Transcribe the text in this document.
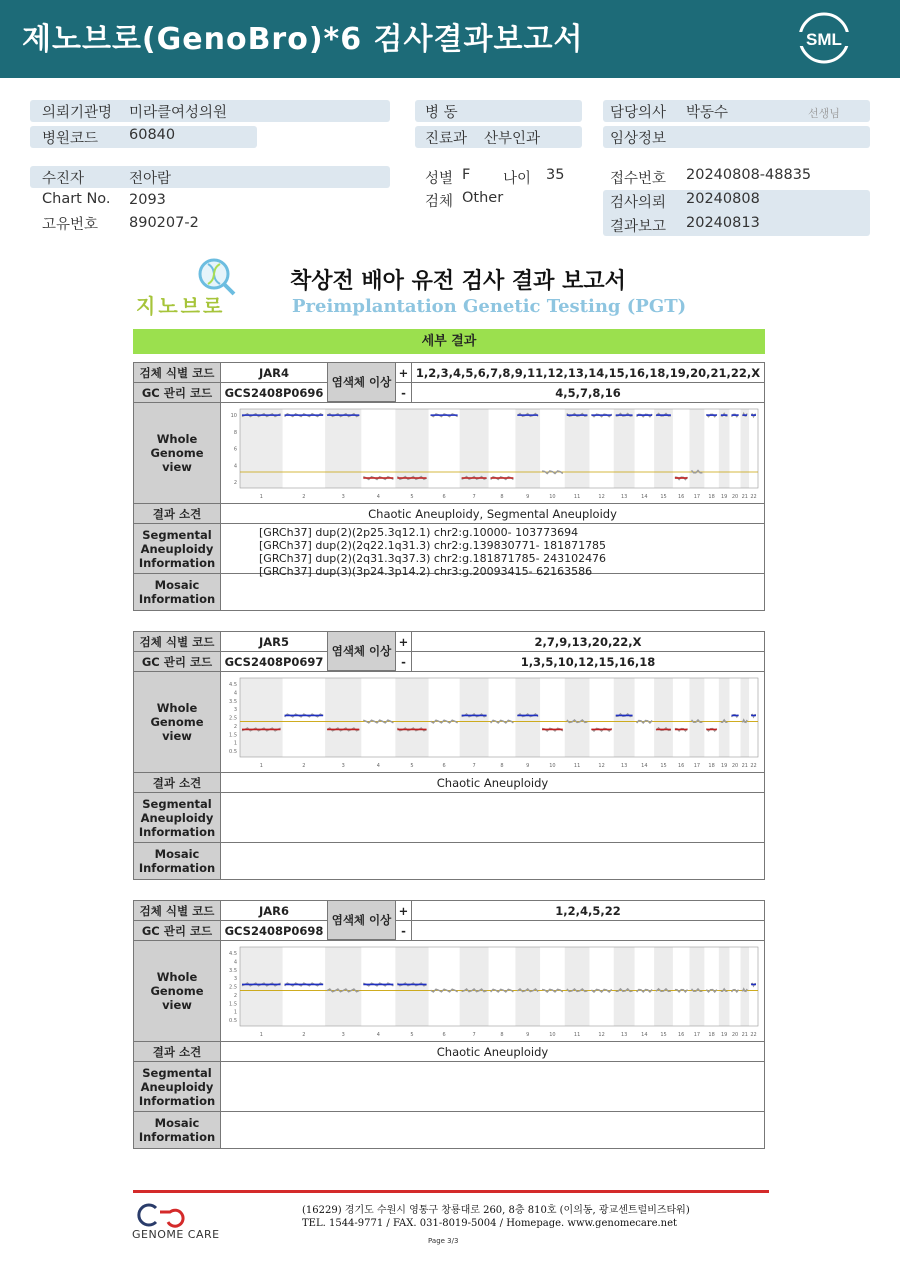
제노브로(GenoBro)*6 검사결과보고서	SML
의뢰기관명 미라클여성의원
병원코드 60840
병 동
진료과 산부인과
담당의사 박동수	선생님
임상정보
수진자	전아람
Chart No. 2093
고유번호 890207-2
성별 F 나이 35
검체 Other
접수번호 20240808-48835
검사의뢰 20240808
결과보고 20240813
지노브로
착상전 배아 유전 검사 결과 보고서
Preimplantation Genetic Testing (PGT)
세부 결과
검체 식별 코드	JAR4	+ 1,2,3,4,5,6,7,8,9,11,12,13,14,15,16,18,19,20,21,22,X
GC 관리 코드	GCS2408P0696	-	4,5,7,8,16
염색체 이상
Whole Genome view
1	2	3	4	5	6	7	8	9	10	11	12	13	14	15 16 17 18 19 20 21 22
10
8
6
4
2
결과 소견	Chaotic Aneuploidy, Segmental Aneuploidy
Segmental Aneuploidy Information
[GRCh37] dup(2)(2p25.3q12.1) chr2:g.10000- 103773694
[GRCh37] dup(2)(2q22.1q31.3) chr2:g.139830771- 181871785
[GRCh37] dup(2)(2q31.3q37.3) chr2:g.181871785- 243102476
[GRCh37] dup(3)(3p24.3p14.2) chr3:g.20093415- 62163586
Mosaic Information
검체 식별 코드	JAR5	+	2,7,9,13,20,22,X
GC 관리 코드	GCS2408P0697	-	1,3,5,10,12,15,16,18
염색체 이상
Whole Genome view
1	2	3	4	5	6	7	8	9	10	11	12	13	14	15 16 17 18 19 20 21 22
4.5
4
3.5
3
2.5
2
1.5
1
0.5
결과 소견	Chaotic Aneuploidy
Segmental Aneuploidy Information
Mosaic Information
검체 식별 코드	JAR6	+	1,2,4,5,22
GC 관리 코드	GCS2408P0698	-
염색체 이상
Whole Genome view
1	2	3	4	5	6	7	8	9	10	11	12	13	14	15 16 17 18 19 20 21 22
4.5
4
3.5
3
2.5
2
1.5
1
0.5
결과 소견	Chaotic Aneuploidy
Segmental Aneuploidy Information
Mosaic Information
GENOME CARE
(16229) 경기도 수원시 영통구 창룡대로 260, 8층 810호 (이의동, 광교센트럴비즈타워)
TEL. 1544-9771 / FAX. 031-8019-5004 / Homepage. www.genomecare.net
Page 3/3
